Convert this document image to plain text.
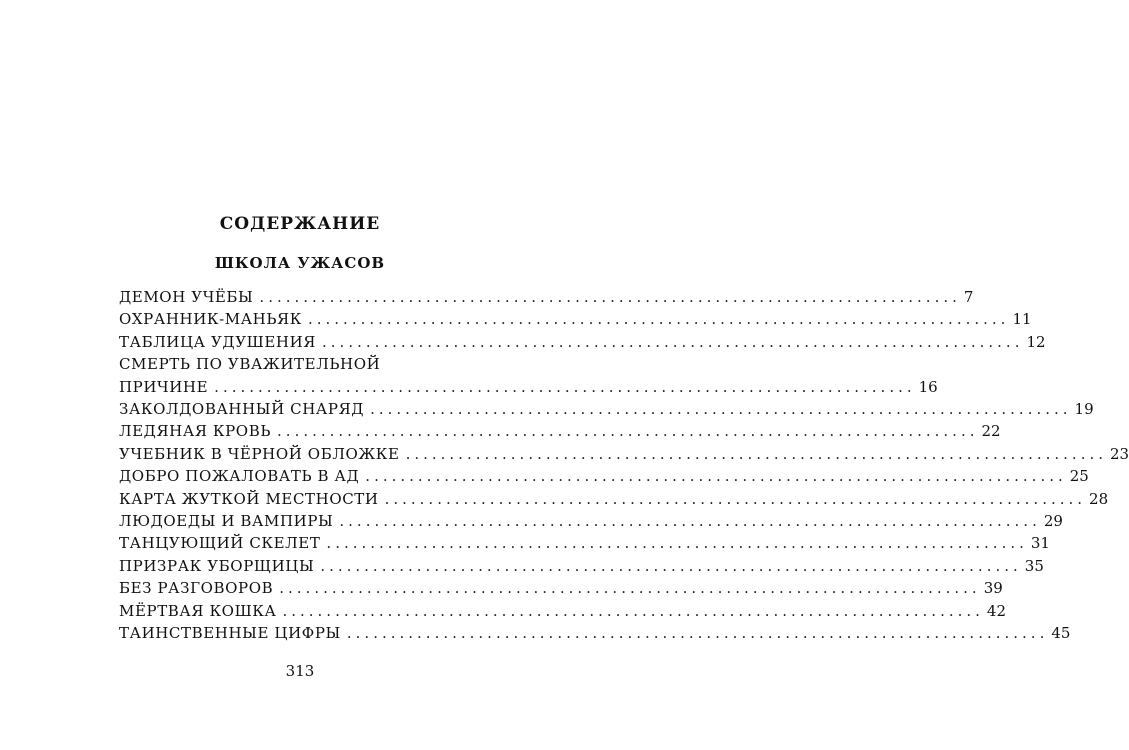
СОДЕРЖАНИЕ
ШКОЛА УЖАСОВ
ДЕМОН УЧЁБЫ ................................................................................ 7
ОХРАННИК-МАНЬЯК ................................................................................ 11
ТАБЛИЦА УДУШЕНИЯ ................................................................................ 12
СМЕРТЬ ПО УВАЖИТЕЛЬНОЙ
ПРИЧИНЕ ................................................................................ 16
ЗАКОЛДОВАННЫЙ СНАРЯД ................................................................................ 19
ЛЕДЯНАЯ КРОВЬ ................................................................................ 22
УЧЕБНИК В ЧЁРНОЙ ОБЛОЖКЕ ................................................................................ 23
ДОБРО ПОЖАЛОВАТЬ В АД ................................................................................ 25
КАРТА ЖУТКОЙ МЕСТНОСТИ ................................................................................ 28
ЛЮДОЕДЫ И ВАМПИРЫ ................................................................................ 29
ТАНЦУЮЩИЙ СКЕЛЕТ ................................................................................ 31
ПРИЗРАК УБОРЩИЦЫ ................................................................................ 35
БЕЗ РАЗГОВОРОВ ................................................................................ 39
МЁРТВАЯ КОШКА ................................................................................ 42
ТАИНСТВЕННЫЕ ЦИФРЫ ................................................................................ 45
313
